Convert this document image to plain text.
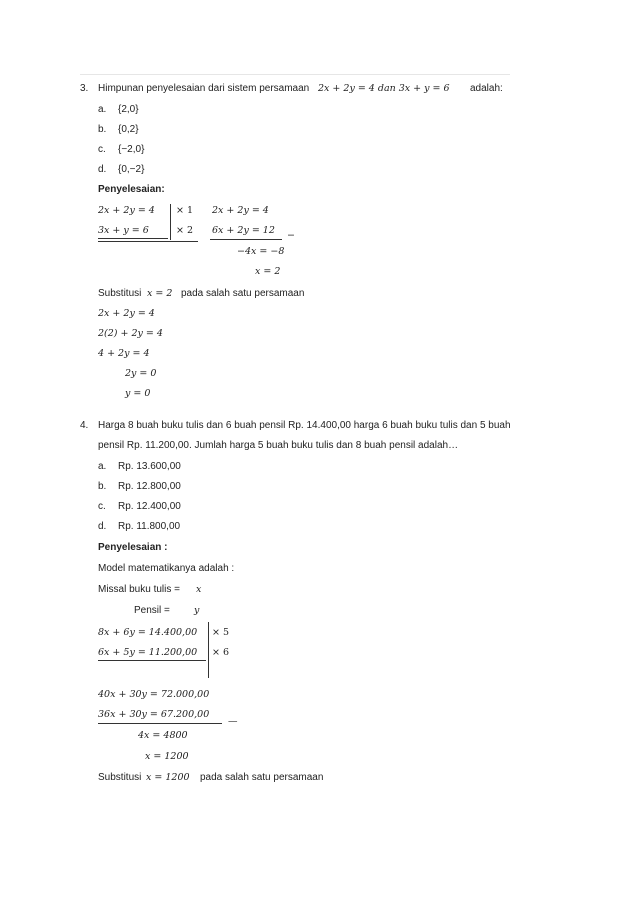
3. Himpunan penyelesaian dari sistem persamaan 2x + 2y = 4 dan 3x + y = 6 adalah:
a. {2,0}
b. {0,2}
c. {−2,0}
d. {0,−2}
Penyelesaian:
2x + 2y = 4
3x + y = 6
× 1
× 2
2x + 2y = 4
6x + 2y = 12 −
−4x = −8
x = 2
Substitusi x = 2 pada salah satu persamaan
2x + 2y = 4
2(2) + 2y = 4
4 + 2y = 4
2y = 0
y = 0
4. Harga 8 buah buku tulis dan 6 buah pensil Rp. 14.400,00 harga 6 buah buku tulis dan 5 buah
pensil Rp. 11.200,00. Jumlah harga 5 buah buku tulis dan 8 buah pensil adalah…
a. Rp. 13.600,00
b. Rp. 12.800,00
c. Rp. 12.400,00
d. Rp. 11.800,00
Penyelesaian :
Model matematikanya adalah :
Missal buku tulis = x
Pensil =	y
8x + 6y = 14.400,00
6x + 5y = 11.200,00
× 5
× 6
40x + 30y = 72.000,00
36x + 30y = 67.200,00
—
4x = 4800
x = 1200
Substitusi x = 1200 pada salah satu persamaan
